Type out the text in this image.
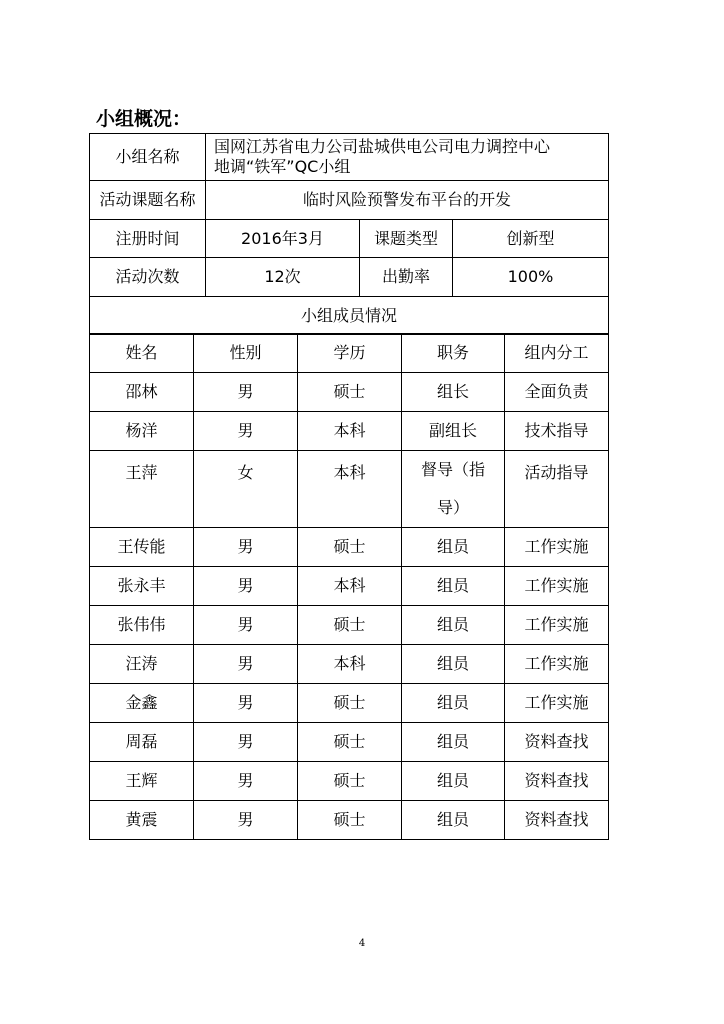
小组概况：
小组名称	国网江苏省电力公司盐城供电公司电力调控中心
地调“铁军”QC小组		

活动课题名称	临时风险预警发布平台的开发		
注册时间	2016年3月	课题类型	创新型
活动次数	12次	出勤率	100%
小组成员情况			
姓名	性别	学历	职务	组内分工
邵林	男	硕士	组长	全面负责
杨洋	男	本科	副组长	技术指导
王萍	女	本科	督导（指导）	活动指导
王传能	男	硕士	组员	工作实施
张永丰	男	本科	组员	工作实施
张伟伟	男	硕士	组员	工作实施
汪涛	男	本科	组员	工作实施
金鑫	男	硕士	组员	工作实施
周磊	男	硕士	组员	资料查找
王辉	男	硕士	组员	资料查找
黄震	男	硕士	组员	资料查找
4
